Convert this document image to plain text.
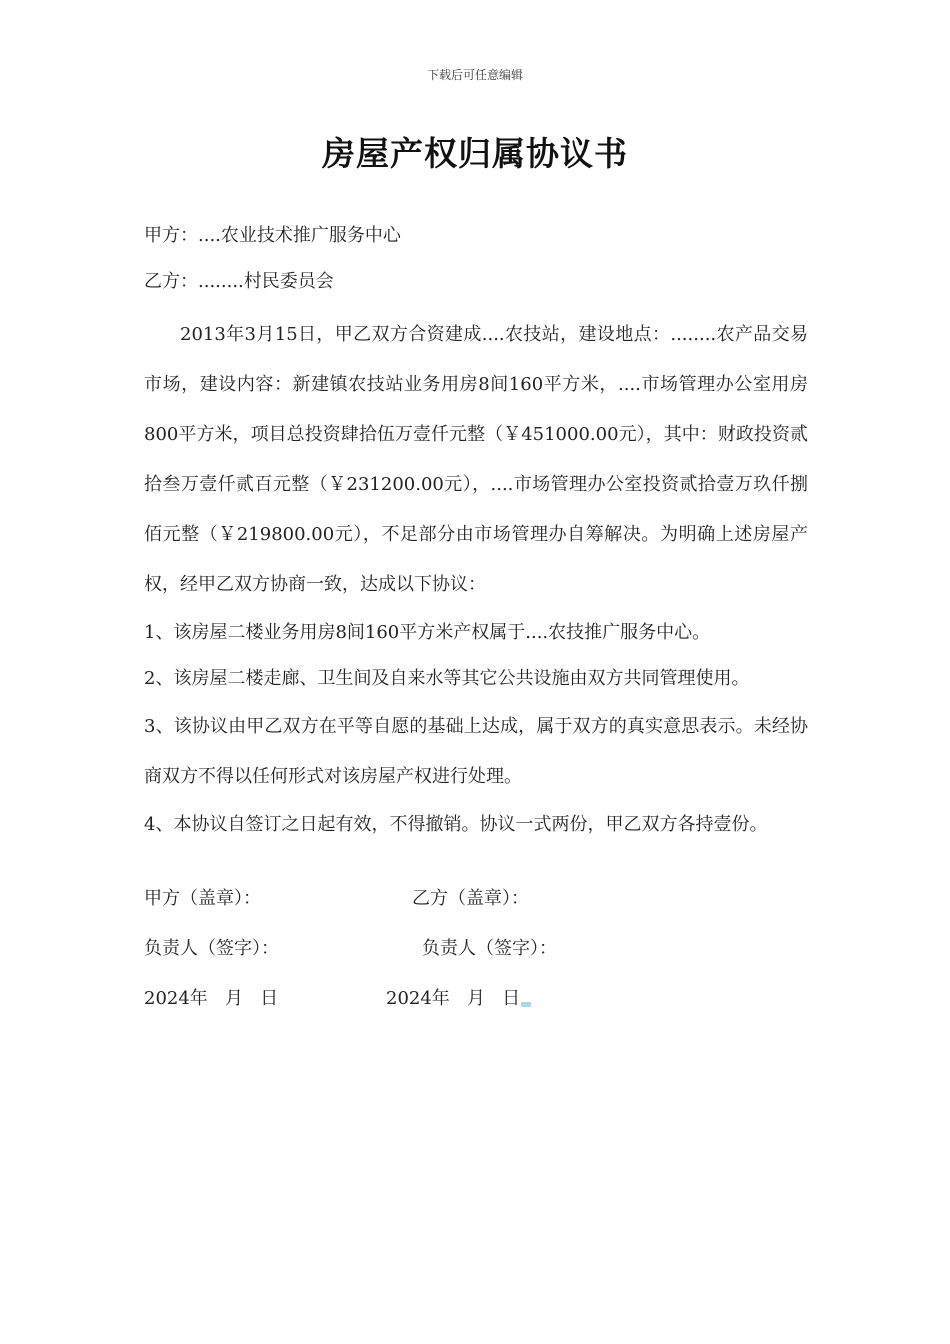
下载后可任意编辑
房屋产权归属协议书
甲方：....农业技术推广服务中心
乙方：........村民委员会

2013年3月15日，甲乙双方合资建成....农技站，建设地点：........农产品交易市场，建设内容：新建镇农技站业务用房8间160平方米，....市场管理办公室用房800平方米，项目总投资肆拾伍万壹仟元整（￥451000.00元），其中：财政投资贰拾叁万壹仟贰百元整（￥231200.00元），....市场管理办公室投资贰拾壹万玖仟捌佰元整（￥219800.00元），不足部分由市场管理办自筹解决。为明确上述房屋产权，经甲乙双方协商一致，达成以下协议：

1、该房屋二楼业务用房8间160平方米产权属于....农技推广服务中心。

2、该房屋二楼走廊、卫生间及自来水等其它公共设施由双方共同管理使用。

3、该协议由甲乙双方在平等自愿的基础上达成，属于双方的真实意思表示。未经协商双方不得以任何形式对该房屋产权进行处理。

4、本协议自签订之日起有效，不得撤销。协议一式两份，甲乙双方各持壹份。

甲方（盖章）：	乙方（盖章）：
负责人（签字）：	负责人（签字）：
2024年   月   日	2024年   月   日
